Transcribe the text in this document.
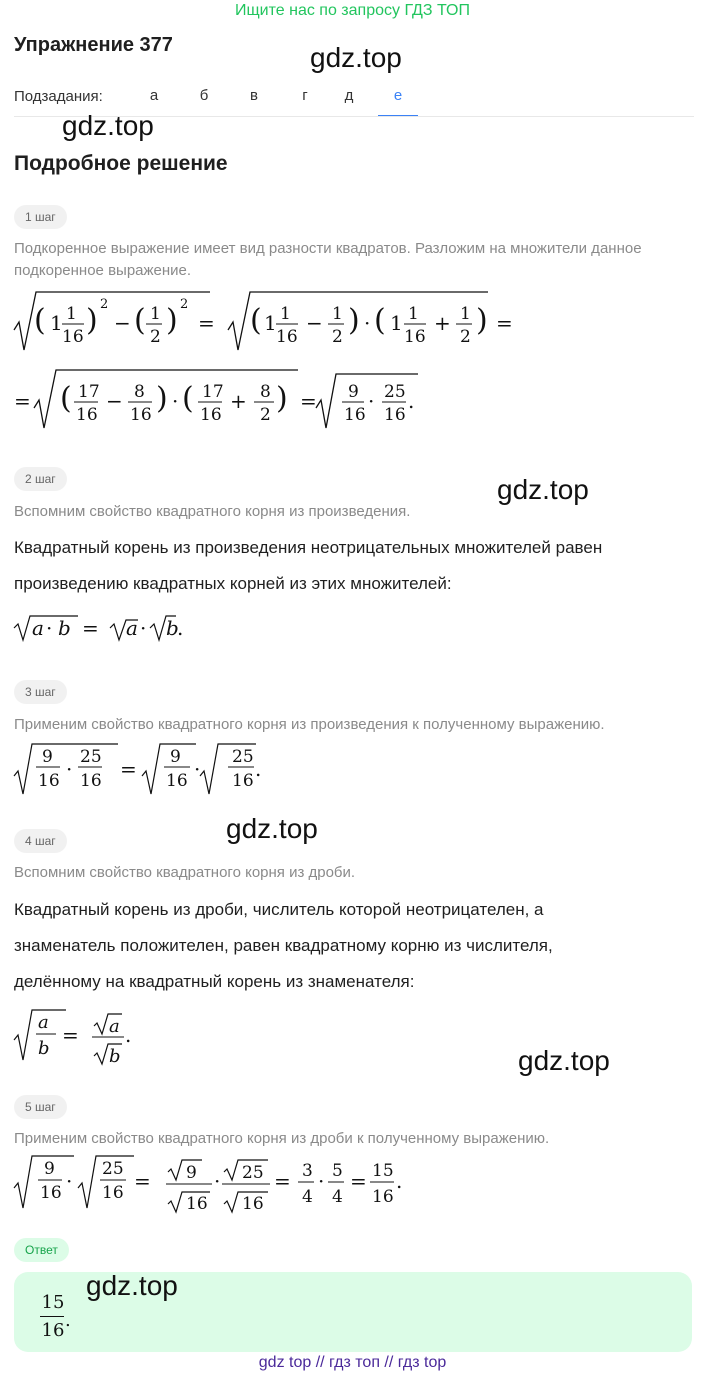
Ищите нас по запросу ГДЗ ТОП
Упражнение 377	gdz.top
Подзадания:	а	б	в	г	д	е
gdz.top
Подробное решение
1 шаг
Подкоренное выражение имеет вид разности квадратов. Разложим на множители данное подкоренное выражение.
( 1 1
16 ) 2
− ( 1
2 ) 2
= ( 1 1
16
− 1
2 ) · ( 1 1
16
+ 1
2 ) =
= ( 17
16
− 8
16 ) · ( 17
16
+ 8
2 ) = 9
16
· 25
16
.
2 шаг	gdz.top
Вспомним свойство квадратного корня из произведения.
Квадратный корень из произведения неотрицательных множителей равен
произведению квадратных корней из этих множителей:
a · b = a · b
.
3 шаг
Применим свойство квадратного корня из произведения к полученному выражению.
9
16 · 25
16 = 9
16 · 25
16 .
4 шаг	gdz.top
Вспомним свойство квадратного корня из дроби.
Квадратный корень из дроби, числитель которой неотрицателен, а
знаменатель положителен, равен квадратному корню из числителя,
делённому на квадратный корень из знаменателя:
a
b
= a
b
.
gdz.top
5 шаг
Применим свойство квадратного корня из дроби к полученному выражению.
9
16 · 25
16 = 9
16
· 25
16
= 3
4
· 5
4
= 15
16
.
Ответ
gdz.top
15
16 .
gdz top // гдз топ // гдз top
